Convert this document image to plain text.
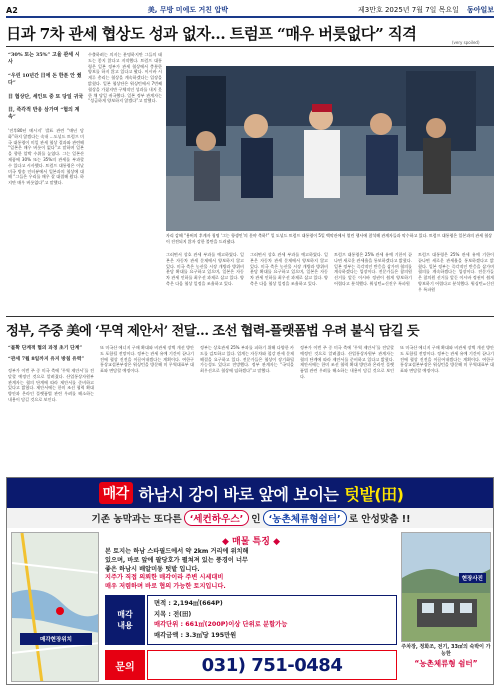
A2	美, 무방 미에도 거친 압박	제3만호 2025년 7월 7일 목요일 동아일보
日과 7차 관세 협상도 성과 없자… 트럼프 “매우 버릇없다” 직격	(very spoiled)
“30% 또는 35%” 고율 관세 시사
“우린 10년간 日에 돈 한푼 안 줬다”
日 협상단, 세인트 중 또 당일 귀국
日, 즉각적 반응 삼가며 “협의 계속”
‘전후80년 메시지’ 발표 관련 “매년 담화”하지 않겠다는 속내 …도널드 트럼프 미국 대통령이 미일 관세 협상 결과와 관련해 “일본은 매우 버릇이 없다”고 말하며 일본을 향한 압박 수위를 높였다. 그는 일본산 제품에 30% 또는 35%의 관세를 부과할 수 있다고 시사했다. 트럼프 대통령은 이날 미국 방송 인터뷰에서 일본과의 협상에 대해 “그들은 우리를 매우 잘 대접해 왔다. 하지만 매우 버릇없다”고 말했다.
수출하려는 의지는 분명하지만 그들의 태도는 좋지 않다고 지적했다. 트럼프 대통령은 일본 정부가 관세 협상에서 충분한 양보를 하지 않고 있다고 봤다. 이시바 시게루 총리는 협상을 계속하겠다는 입장을 밝혔다. 일본 협상단은 워싱턴에서 7번째 협상을 가졌지만 구체적인 성과를 내지 못한 채 당일 귀국했다. 일본 정부 관계자는 “성급하게 양보하지 않겠다”고 말했다.
자리 감해 “용버의 후계자 청명 ‘그는 항생인’의 분야 축하!” 일 도널드 트럼프 대통령이 5일 백악관에서 열린 행사에 참석해 관계자들과 악수하고 있다. 트럼프 대통령은 일본과의 관세 협상이 진전되지 않자 강한 불만을 드러냈다.
그러면서 상호 관세 부과를 예고하였다. 일본은 자동차 관세 문제에서 양보하지 않고 있다. 미국 측은 농산물 시장 개방과 방위비 분담 확대를 요구하고 있으며, 일본은 자동차 관세 인하를 최우선 과제로 삼고 있다. 양측은 다음 협상 일정을 조율하고 있다.
그러면서 상호 관세 부과를 예고하였다. 일본은 자동차 관세 문제에서 양보하지 않고 있다. 미국 측은 농산물 시장 개방과 방위비 분담 확대를 요구하고 있으며, 일본은 자동차 관세 인하를 최우선 과제로 삼고 있다. 양측은 다음 협상 일정을 조율하고 있다.
트럼프 대통령은 25% 관세 유예 기한이 끝나면 새로운 관세율을 통보하겠다고 밝혔다. 일본 정부는 즉각적인 반응을 삼가며 협의를 계속하겠다는 입장이다. 전문가들은 참의원 선거를 앞둔 이시바 정권이 쉽게 양보하기 어렵다고 분석했다. 워싱턴=신진우 특파원
트럼프 대통령은 25% 관세 유예 기한이 끝나면 새로운 관세율을 통보하겠다고 밝혔다. 일본 정부는 즉각적인 반응을 삼가며 협의를 계속하겠다는 입장이다. 전문가들은 참의원 선거를 앞둔 이시바 정권이 쉽게 양보하기 어렵다고 분석했다. 워싱턴=신진우 특파원
정부, 주중 美에 ‘무역 제안서’ 전달… 조선 협력-플랫폼법 우려 불식 담길 듯
“불확 단계적 협의 과정 초기 단계”
“관세 7월 8일까지 유지 방침 유력”
정부가 이번 주 중 미국 측에 ‘무역 제안서’를 전달할 예정인 것으로 알려졌다. 산업통상자원부 관계자는 협의 단계에 따라 제안서를 준비하고 있다고 밝혔다. 제안서에는 한미 조선 협력 확대 방안과 온라인 플랫폼법 관련 우려를 해소하는 내용이 담길 것으로 보인다.
또 미국산 에너지 구매 확대와 비관세 장벽 개선 방안도 포함될 전망이다. 정부는 관세 유예 기간이 끝나기 전에 협상 진전을 이끌어내겠다는 계획이다. 여한구 통상교섭본부장은 워싱턴을 방문해 미 무역대표부 대표와 면담할 예정이다.
정부는 상호관세 25% 부과를 피하기 위해 다양한 카드를 검토하고 있다. 업계는 자동차와 철강 관세 문제 해결을 요구하고 있다. 전문가들은 협상이 장기화될 가능성도 있다고 전망했다. 정부 관계자는 “국익을 최우선으로 협상에 임하겠다”고 말했다.
정부가 이번 주 중 미국 측에 ‘무역 제안서’를 전달할 예정인 것으로 알려졌다. 산업통상자원부 관계자는 협의 단계에 따라 제안서를 준비하고 있다고 밝혔다. 제안서에는 한미 조선 협력 확대 방안과 온라인 플랫폼법 관련 우려를 해소하는 내용이 담길 것으로 보인다.
또 미국산 에너지 구매 확대와 비관세 장벽 개선 방안도 포함될 전망이다. 정부는 관세 유예 기간이 끝나기 전에 협상 진전을 이끌어내겠다는 계획이다. 여한구 통상교섭본부장은 워싱턴을 방문해 미 무역대표부 대표와 면담할 예정이다.
매각 하남시 강이 바로 앞에 보이는 텃밭(田)
기존 농막과는 또다른 ‘세컨하우스’ 인 ‘농촌체류형쉼터’ 로 안성맞춤 !!
매각현장위치
◆ 매물 특징 ◆
본 토지는 하남 스타필드에서 약 2km 거리에 위치해
있으며, 바로 앞에 팔당호가 펼쳐져 있는 풍경이 너무
좋은 하남시 배알미동 텃밭 입니다.
지주가 직접 의뢰한 매각이라 주변 시세대비
매우 저렴하며 바로 협의 가능한 토지입니다.
매각
내용
면적 : 2,194㎡(664P)
지목 : 전(田)
매각단위 : 661㎡(200P)이상 단위로 분할가능
매각금액 : 3.3㎡당 195만원
문의	031) 751-0484
현장사진
주차장, 정화조, 전기, 33㎡의 숙박이 가능한
“농촌체류형 쉼터”
